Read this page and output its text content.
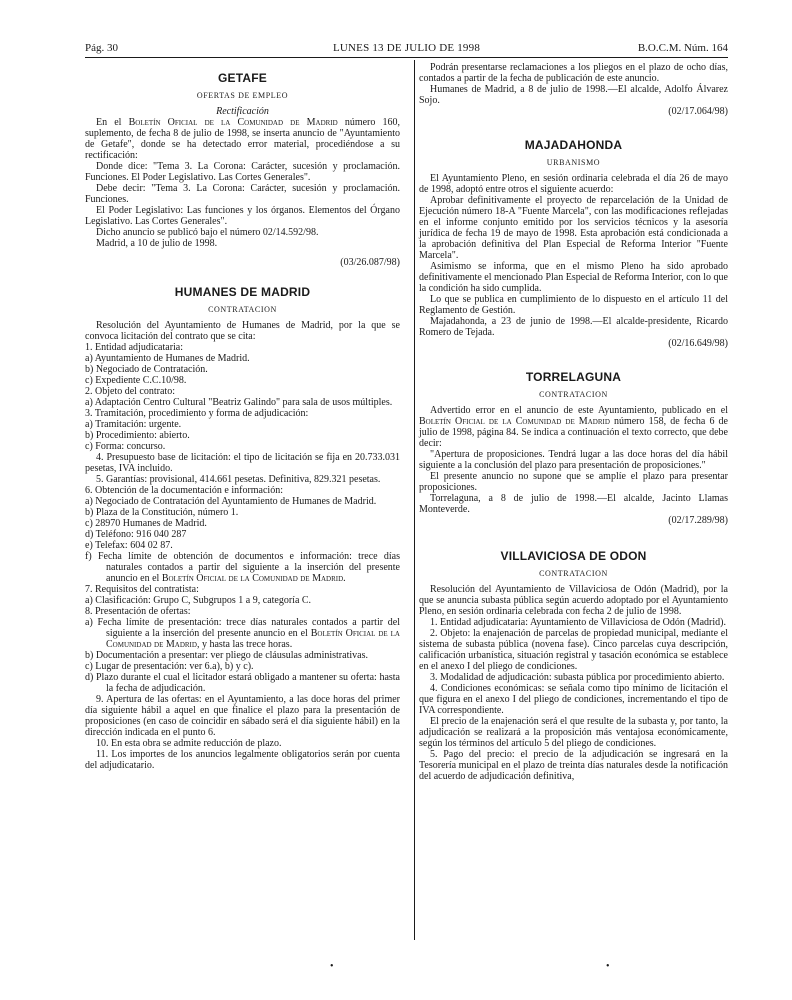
Pág. 30	LUNES 13 DE JULIO DE 1998	B.O.C.M. Núm. 164
GETAFE
OFERTAS DE EMPLEO

Rectificación

En el Boletín Oficial de la Comunidad de Madrid número 160, suplemento, de fecha 8 de julio de 1998, se inserta anuncio de "Ayuntamiento de Getafe", donde se ha detectado error material, procediéndose a su rectificación:

Donde dice: "Tema 3. La Corona: Carácter, sucesión y proclamación. Funciones. El Poder Legislativo. Las Cortes Generales".

Debe decir: "Tema 3. La Corona: Carácter, sucesión y proclamación. Funciones.

El Poder Legislativo: Las funciones y los órganos. Elementos del Órgano Legislativo. Las Cortes Generales".

Dicho anuncio se publicó bajo el número 02/14.592/98.

Madrid, a 10 de julio de 1998.

(03/26.087/98)

HUMANES DE MADRID
CONTRATACION

Resolución del Ayuntamiento de Humanes de Madrid, por la que se convoca licitación del contrato que se cita:

1. Entidad adjudicataria:

a) Ayuntamiento de Humanes de Madrid.

b) Negociado de Contratación.

c) Expediente C.C.10/98.

2. Objeto del contrato:

a) Adaptación Centro Cultural "Beatriz Galindo" para sala de usos múltiples.

3. Tramitación, procedimiento y forma de adjudicación:

a) Tramitación: urgente.

b) Procedimiento: abierto.

c) Forma: concurso.

4. Presupuesto base de licitación: el tipo de licitación se fija en 20.733.031 pesetas, IVA incluido.

5. Garantías: provisional, 414.661 pesetas. Definitiva, 829.321 pesetas.

6. Obtención de la documentación e información:

a) Negociado de Contratación del Ayuntamiento de Humanes de Madrid.

b) Plaza de la Constitución, número 1.

c) 28970 Humanes de Madrid.

d) Teléfono: 916 040 287

e) Telefax: 604 02 87.

f) Fecha límite de obtención de documentos e información: trece días naturales contados a partir del siguiente a la inserción del presente anuncio en el Boletín Oficial de la Comunidad de Madrid.

7. Requisitos del contratista:

a) Clasificación: Grupo C, Subgrupos 1 a 9, categoría C.

8. Presentación de ofertas:

a) Fecha límite de presentación: trece días naturales contados a partir del siguiente a la inserción del presente anuncio en el Boletín Oficial de la Comunidad de Madrid, y hasta las trece horas.

b) Documentación a presentar: ver pliego de cláusulas administrativas.

c) Lugar de presentación: ver 6.a), b) y c).

d) Plazo durante el cual el licitador estará obligado a mantener su oferta: hasta la fecha de adjudicación.

9. Apertura de las ofertas: en el Ayuntamiento, a las doce horas del primer día siguiente hábil a aquel en que finalice el plazo para la presentación de proposiciones (en caso de coincidir en sábado será el día siguiente hábil) en la dirección indicada en el punto 6.

10. En esta obra se admite reducción de plazo.

11. Los importes de los anuncios legalmente obligatorios serán por cuenta del adjudicatario.

Podrán presentarse reclamaciones a los pliegos en el plazo de ocho días, contados a partir de la fecha de publicación de este anuncio.

Humanes de Madrid, a 8 de julio de 1998.—El alcalde, Adolfo Álvarez Sojo.

(02/17.064/98)

MAJADAHONDA
URBANISMO

El Ayuntamiento Pleno, en sesión ordinaria celebrada el día 26 de mayo de 1998, adoptó entre otros el siguiente acuerdo:

Aprobar definitivamente el proyecto de reparcelación de la Unidad de Ejecución número 18-A "Fuente Marcela", con las modificaciones reflejadas en el informe conjunto emitido por los servicios técnicos y la asesoría jurídica de fecha 19 de mayo de 1998. Esta aprobación está condicionada a la aprobación definitiva del Plan Especial de Reforma Interior "Fuente Marcela".

Asimismo se informa, que en el mismo Pleno ha sido aprobado definitivamente el mencionado Plan Especial de Reforma Interior, con lo que la condición ha sido cumplida.

Lo que se publica en cumplimiento de lo dispuesto en el artículo 11 del Reglamento de Gestión.

Majadahonda, a 23 de junio de 1998.—El alcalde-presidente, Ricardo Romero de Tejada.

(02/16.649/98)

TORRELAGUNA
CONTRATACION

Advertido error en el anuncio de este Ayuntamiento, publicado en el Boletín Oficial de la Comunidad de Madrid número 158, de fecha 6 de julio de 1998, página 84. Se indica a continuación el texto correcto, que debe decir:

"Apertura de proposiciones. Tendrá lugar a las doce horas del día hábil siguiente a la conclusión del plazo para presentación de proposiciones."

El presente anuncio no supone que se amplíe el plazo para presentar proposiciones.

Torrelaguna, a 8 de julio de 1998.—El alcalde, Jacinto Llamas Monteverde.

(02/17.289/98)

VILLAVICIOSA DE ODON
CONTRATACION

Resolución del Ayuntamiento de Villaviciosa de Odón (Madrid), por la que se anuncia subasta pública según acuerdo adoptado por el Ayuntamiento Pleno, en sesión ordinaria celebrada con fecha 2 de julio de 1998.

1. Entidad adjudicataria: Ayuntamiento de Villaviciosa de Odón (Madrid).

2. Objeto: la enajenación de parcelas de propiedad municipal, mediante el sistema de subasta pública (novena fase). Cinco parcelas cuya descripción, calificación urbanística, situación registral y tasación económica se establece en el anexo I del pliego de condiciones.

3. Modalidad de adjudicación: subasta pública por procedimiento abierto.

4. Condiciones económicas: se señala como tipo mínimo de licitación el que figura en el anexo I del pliego de condiciones, incrementando el tipo de IVA correspondiente.

El precio de la enajenación será el que resulte de la subasta y, por tanto, la adjudicación se realizará a la proposición más ventajosa económicamente, según los términos del artículo 5 del pliego de condiciones.

5. Pago del precio: el precio de la adjudicación se ingresará en la Tesorería municipal en el plazo de treinta días naturales desde la notificación del acuerdo de adjudicación definitiva,

•	•
